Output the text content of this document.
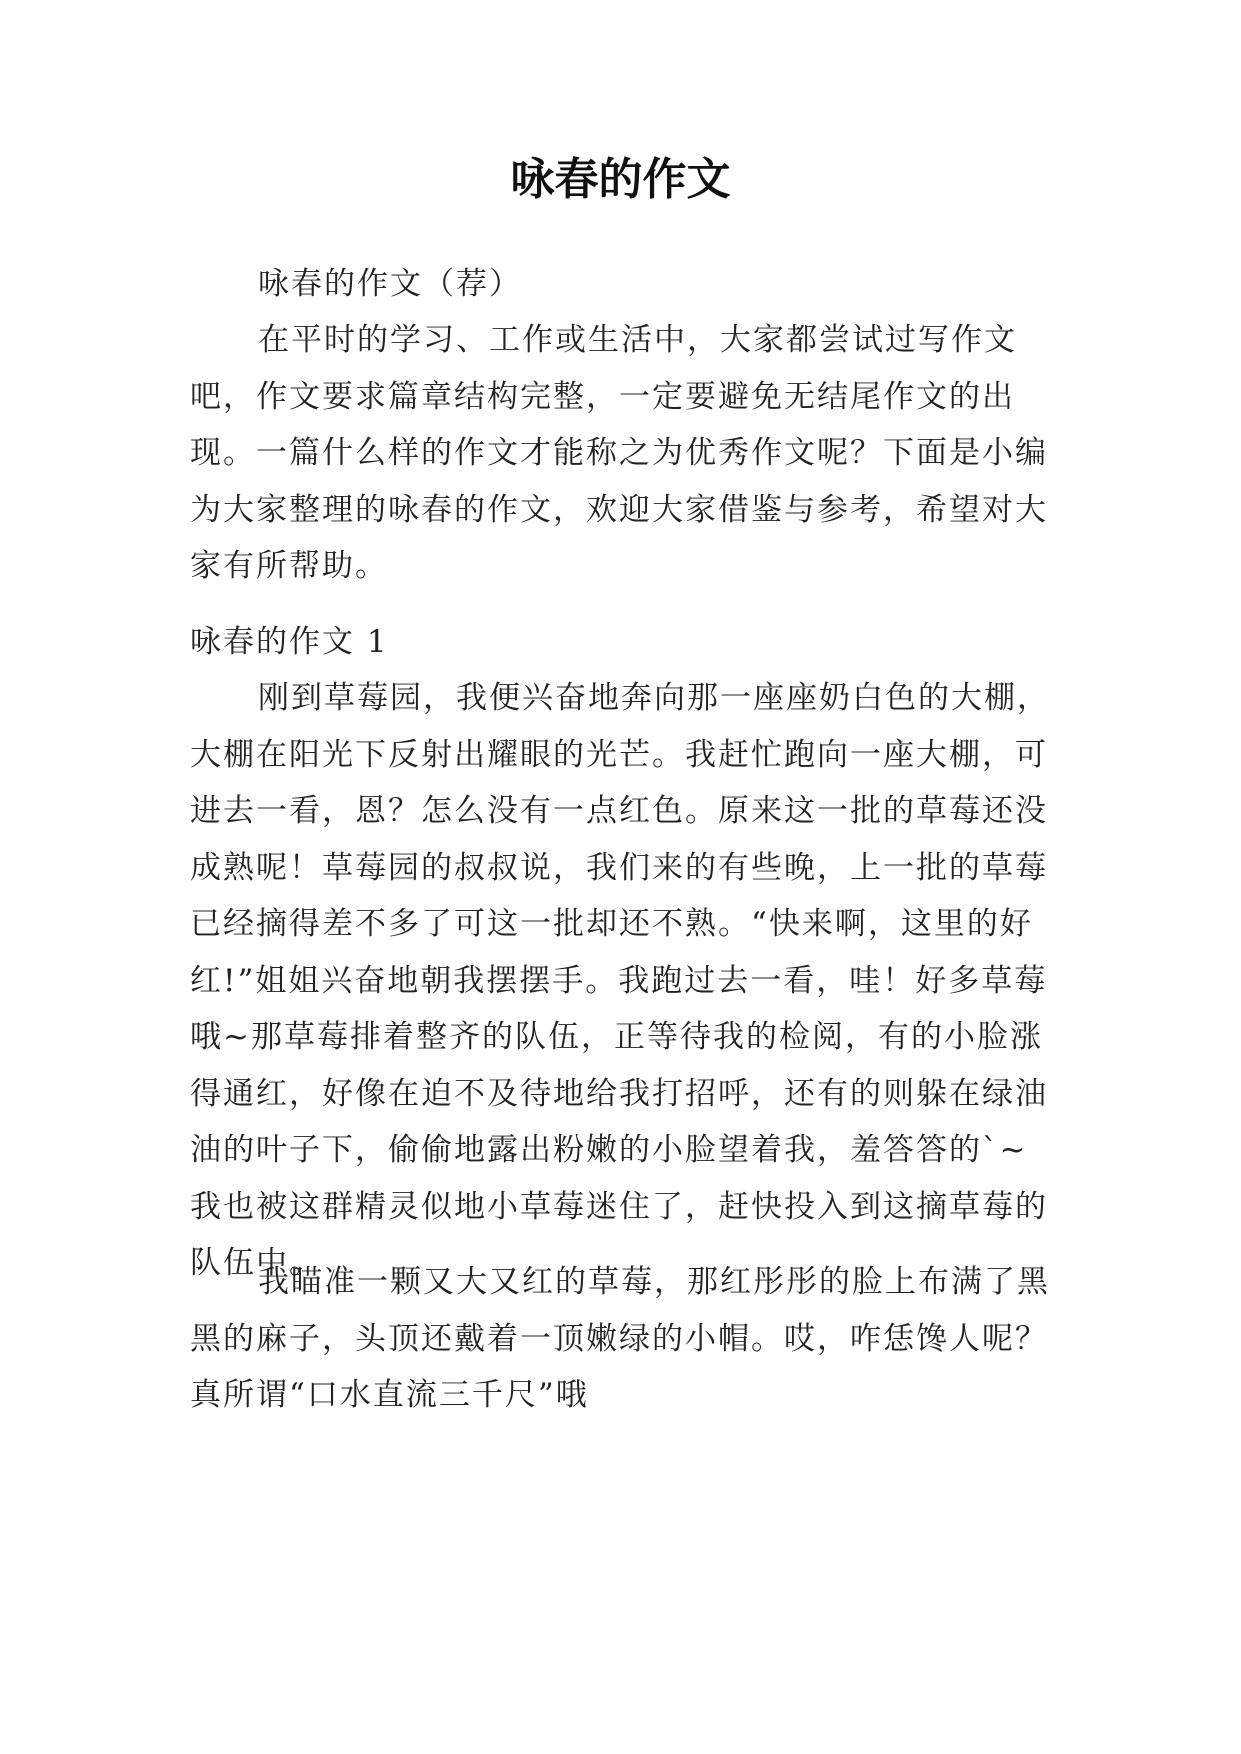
咏春的作文

咏春的作文（荐）

在平时的学习、工作或生活中，大家都尝试过写作文吧，作文要求篇章结构完整，一定要避免无结尾作文的出现。一篇什么样的作文才能称之为优秀作文呢？下面是小编为大家整理的咏春的作文，欢迎大家借鉴与参考，希望对大家有所帮助。

咏春的作文 1

刚到草莓园，我便兴奋地奔向那一座座奶白色的大棚，大棚在阳光下反射出耀眼的光芒。我赶忙跑向一座大棚，可进去一看，恩？怎么没有一点红色。原来这一批的草莓还没成熟呢！草莓园的叔叔说，我们来的有些晚，上一批的草莓已经摘得差不多了可这一批却还不熟。“快来啊，这里的好红!”姐姐兴奋地朝我摆摆手。我跑过去一看，哇！好多草莓哦~那草莓排着整齐的队伍，正等待我的检阅，有的小脸涨得通红，好像在迫不及待地给我打招呼，还有的则躲在绿油油的叶子下，偷偷地露出粉嫩的小脸望着我，羞答答的`~我也被这群精灵似地小草莓迷住了，赶快投入到这摘草莓的队伍中。

我瞄准一颗又大又红的草莓，那红彤彤的脸上布满了黑黑的麻子，头顶还戴着一顶嫩绿的小帽。哎，咋恁馋人呢？真所谓“口水直流三千尺”哦
